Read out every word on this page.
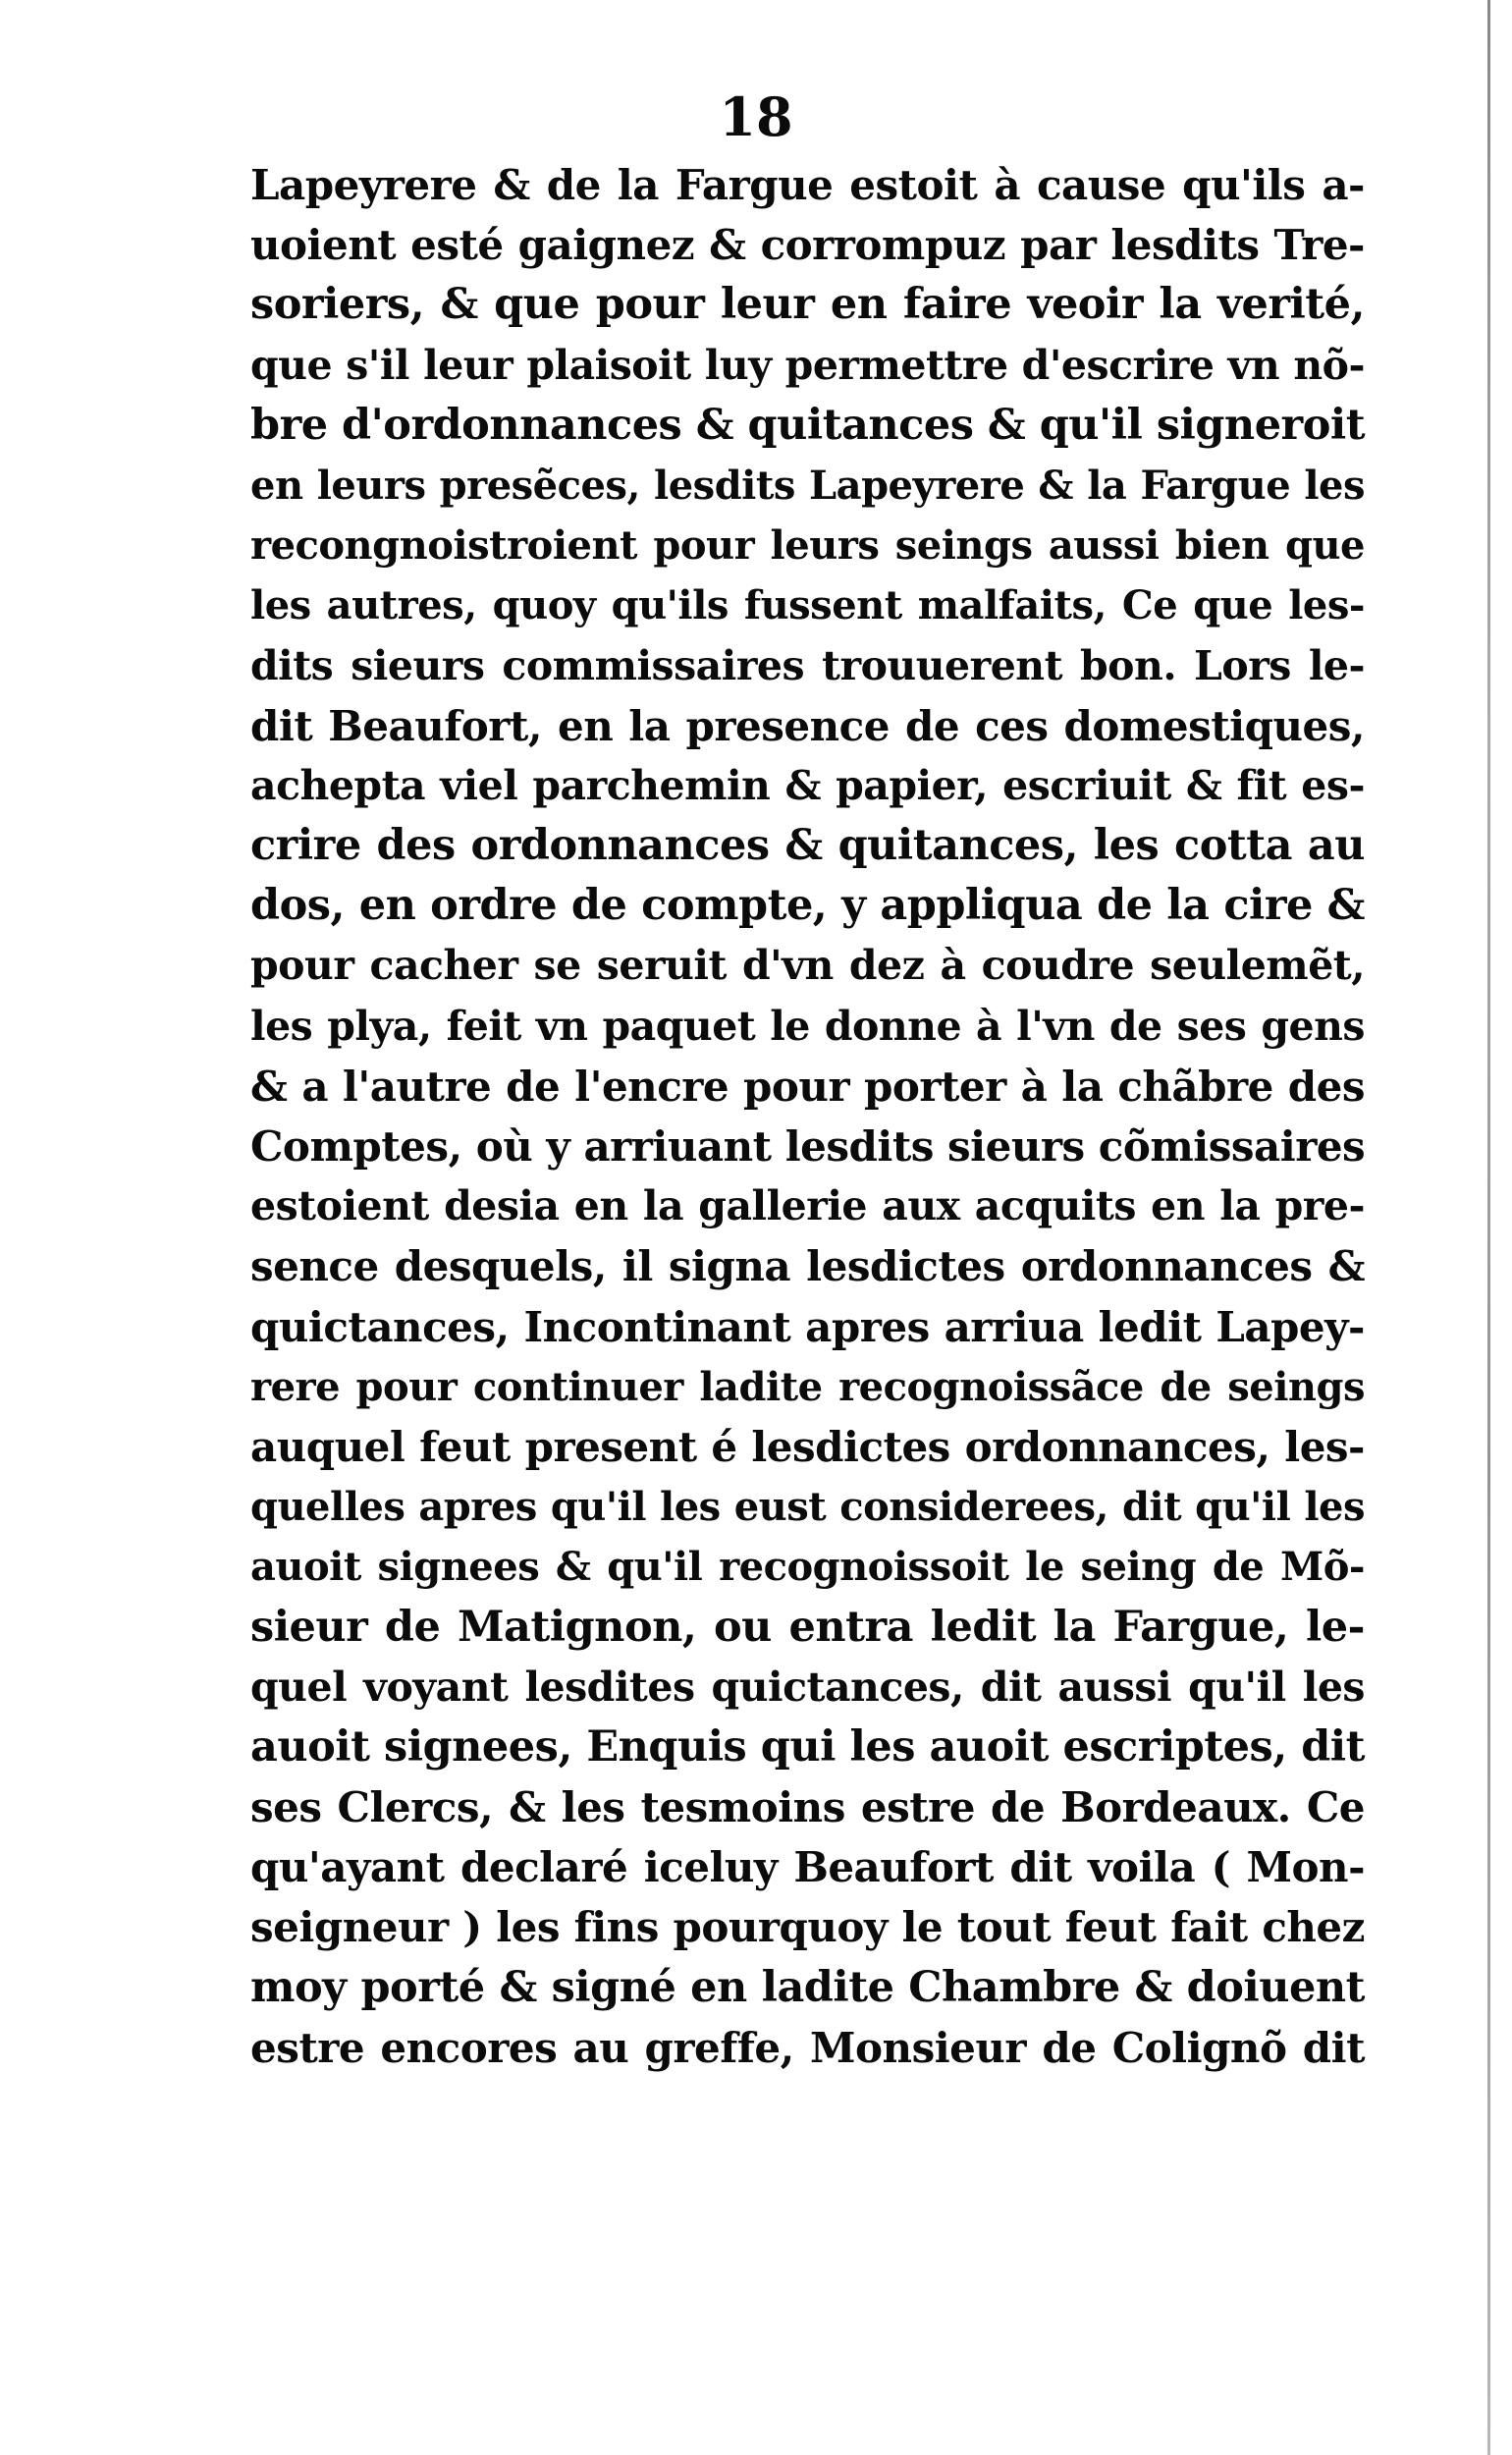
18
Lapeyrere & de la Fargue estoit à cause qu'ils a-
uoient esté gaignez & corrompuz par lesdits Tre-
soriers, & que pour leur en faire veoir la verité,
que s'il leur plaisoit luy permettre d'escrire vn nõ-
bre d'ordonnances & quitances & qu'il signeroit
en leurs presẽces, lesdits Lapeyrere & la Fargue les
recongnoistroient pour leurs seings aussi bien que
les autres, quoy qu'ils fussent malfaits, Ce que les-
dits sieurs commissaires trouuerent bon. Lors le-
dit Beaufort, en la presence de ces domestiques,
achepta viel parchemin & papier, escriuit & fit es-
crire des ordonnances & quitances, les cotta au
dos, en ordre de compte, y appliqua de la cire &
pour cacher se seruit d'vn dez à coudre seulemẽt,
les plya, feit vn paquet le donne à l'vn de ses gens
& a l'autre de l'encre pour porter à la chãbre des
Comptes, où y arriuant lesdits sieurs cõmissaires
estoient desia en la gallerie aux acquits en la pre-
sence desquels, il signa lesdictes ordonnances &
quictances, Incontinant apres arriua ledit Lapey-
rere pour continuer ladite recognoissãce de seings
auquel feut present é lesdictes ordonnances, les-
quelles apres qu'il les eust considerees, dit qu'il les
auoit signees & qu'il recognoissoit le seing de Mõ-
sieur de Matignon, ou entra ledit la Fargue, le-
quel voyant lesdites quictances, dit aussi qu'il les
auoit signees, Enquis qui les auoit escriptes, dit
ses Clercs, & les tesmoins estre de Bordeaux. Ce
qu'ayant declaré iceluy Beaufort dit voila ( Mon-
seigneur ) les fins pourquoy le tout feut fait chez
moy porté & signé en ladite Chambre & doiuent
estre encores au greffe, Monsieur de Colignõ dit
